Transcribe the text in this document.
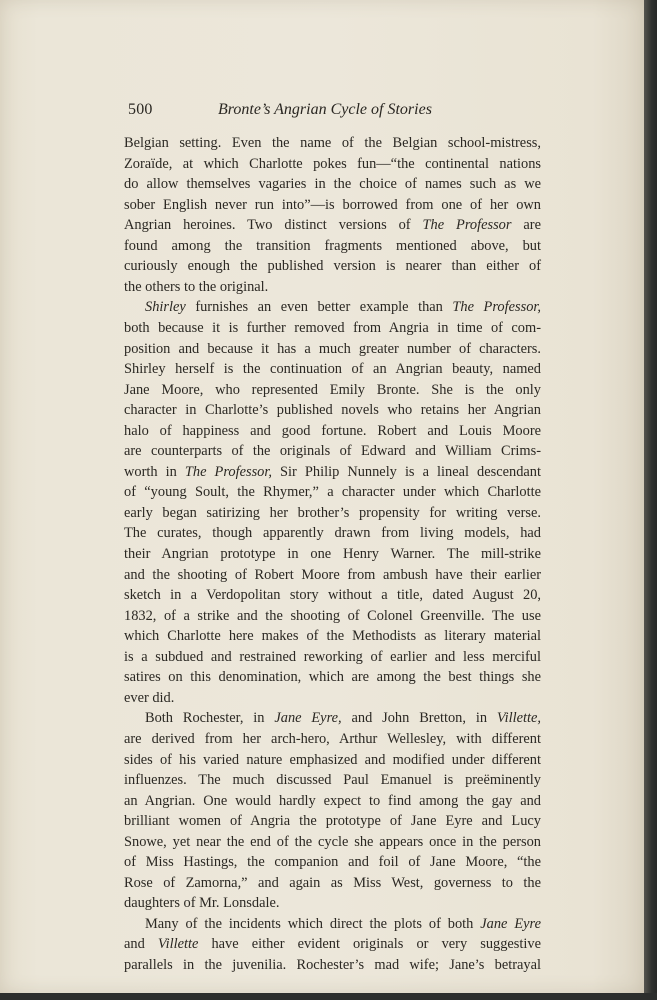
500	Bronte’s Angrian Cycle of Stories
Belgian setting. Even the name of the Belgian school-mistress,
Zoraïde, at which Charlotte pokes fun—“the continental nations
do allow themselves vagaries in the choice of names such as we
sober English never run into”—is borrowed from one of her own
Angrian heroines. Two distinct versions of The Professor are
found among the transition fragments mentioned above, but
curiously enough the published version is nearer than either of
the others to the original.
Shirley furnishes an even better example than The Professor,
both because it is further removed from Angria in time of com-
position and because it has a much greater number of characters.
Shirley herself is the continuation of an Angrian beauty, named
Jane Moore, who represented Emily Bronte. She is the only
character in Charlotte’s published novels who retains her Angrian
halo of happiness and good fortune. Robert and Louis Moore
are counterparts of the originals of Edward and William Crims-
worth in The Professor, Sir Philip Nunnely is a lineal descendant
of “young Soult, the Rhymer,” a character under which Charlotte
early began satirizing her brother’s propensity for writing verse.
The curates, though apparently drawn from living models, had
their Angrian prototype in one Henry Warner. The mill-strike
and the shooting of Robert Moore from ambush have their earlier
sketch in a Verdopolitan story without a title, dated August 20,
1832, of a strike and the shooting of Colonel Greenville. The use
which Charlotte here makes of the Methodists as literary material
is a subdued and restrained reworking of earlier and less merciful
satires on this denomination, which are among the best things she
ever did.
Both Rochester, in Jane Eyre, and John Bretton, in Villette,
are derived from her arch-hero, Arthur Wellesley, with different
sides of his varied nature emphasized and modified under different
influenzes. The much discussed Paul Emanuel is preëminently
an Angrian. One would hardly expect to find among the gay and
brilliant women of Angria the prototype of Jane Eyre and Lucy
Snowe, yet near the end of the cycle she appears once in the person
of Miss Hastings, the companion and foil of Jane Moore, “the
Rose of Zamorna,” and again as Miss West, governess to the
daughters of Mr. Lonsdale.
Many of the incidents which direct the plots of both Jane Eyre
and Villette have either evident originals or very suggestive
parallels in the juvenilia. Rochester’s mad wife; Jane’s betrayal
